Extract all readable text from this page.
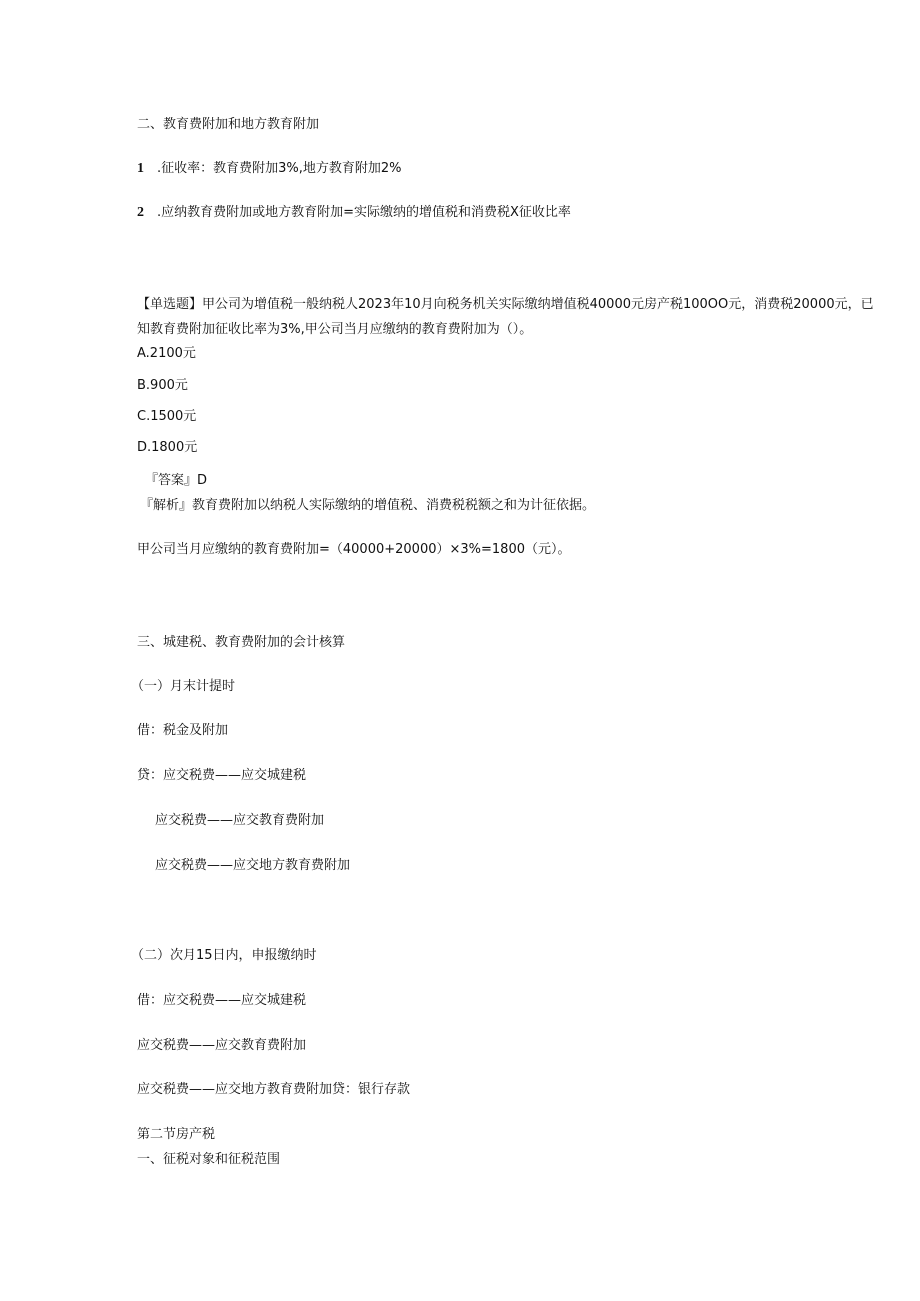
二、教育费附加和地方教育附加
1 .征收率：教育费附加3%,地方教育附加2%
2 .应纳教育费附加或地方教育附加=实际缴纳的增值税和消费税X征收比率
【单选题】甲公司为增值税一般纳税人2023年10月向税务机关实际缴纳增值税40000元房产税100OO元，消费税20000元，已
知教育费附加征收比率为3%,甲公司当月应缴纳的教育费附加为（）。
A.2100元
B.900元
C.1500元
D.1800元
『答案』D
『解析』教育费附加以纳税人实际缴纳的增值税、消费税税额之和为计征依据。
甲公司当月应缴纳的教育费附加=（40000+20000）×3%=1800（元）。
三、城建税、教育费附加的会计核算
（一）月末计提时
借：税金及附加
贷：应交税费——应交城建税
应交税费——应交教育费附加
应交税费——应交地方教育费附加
（二）次月15日内，申报缴纳时
借：应交税费——应交城建税
应交税费——应交教育费附加
应交税费——应交地方教育费附加贷：银行存款
第二节房产税
一、征税对象和征税范围
